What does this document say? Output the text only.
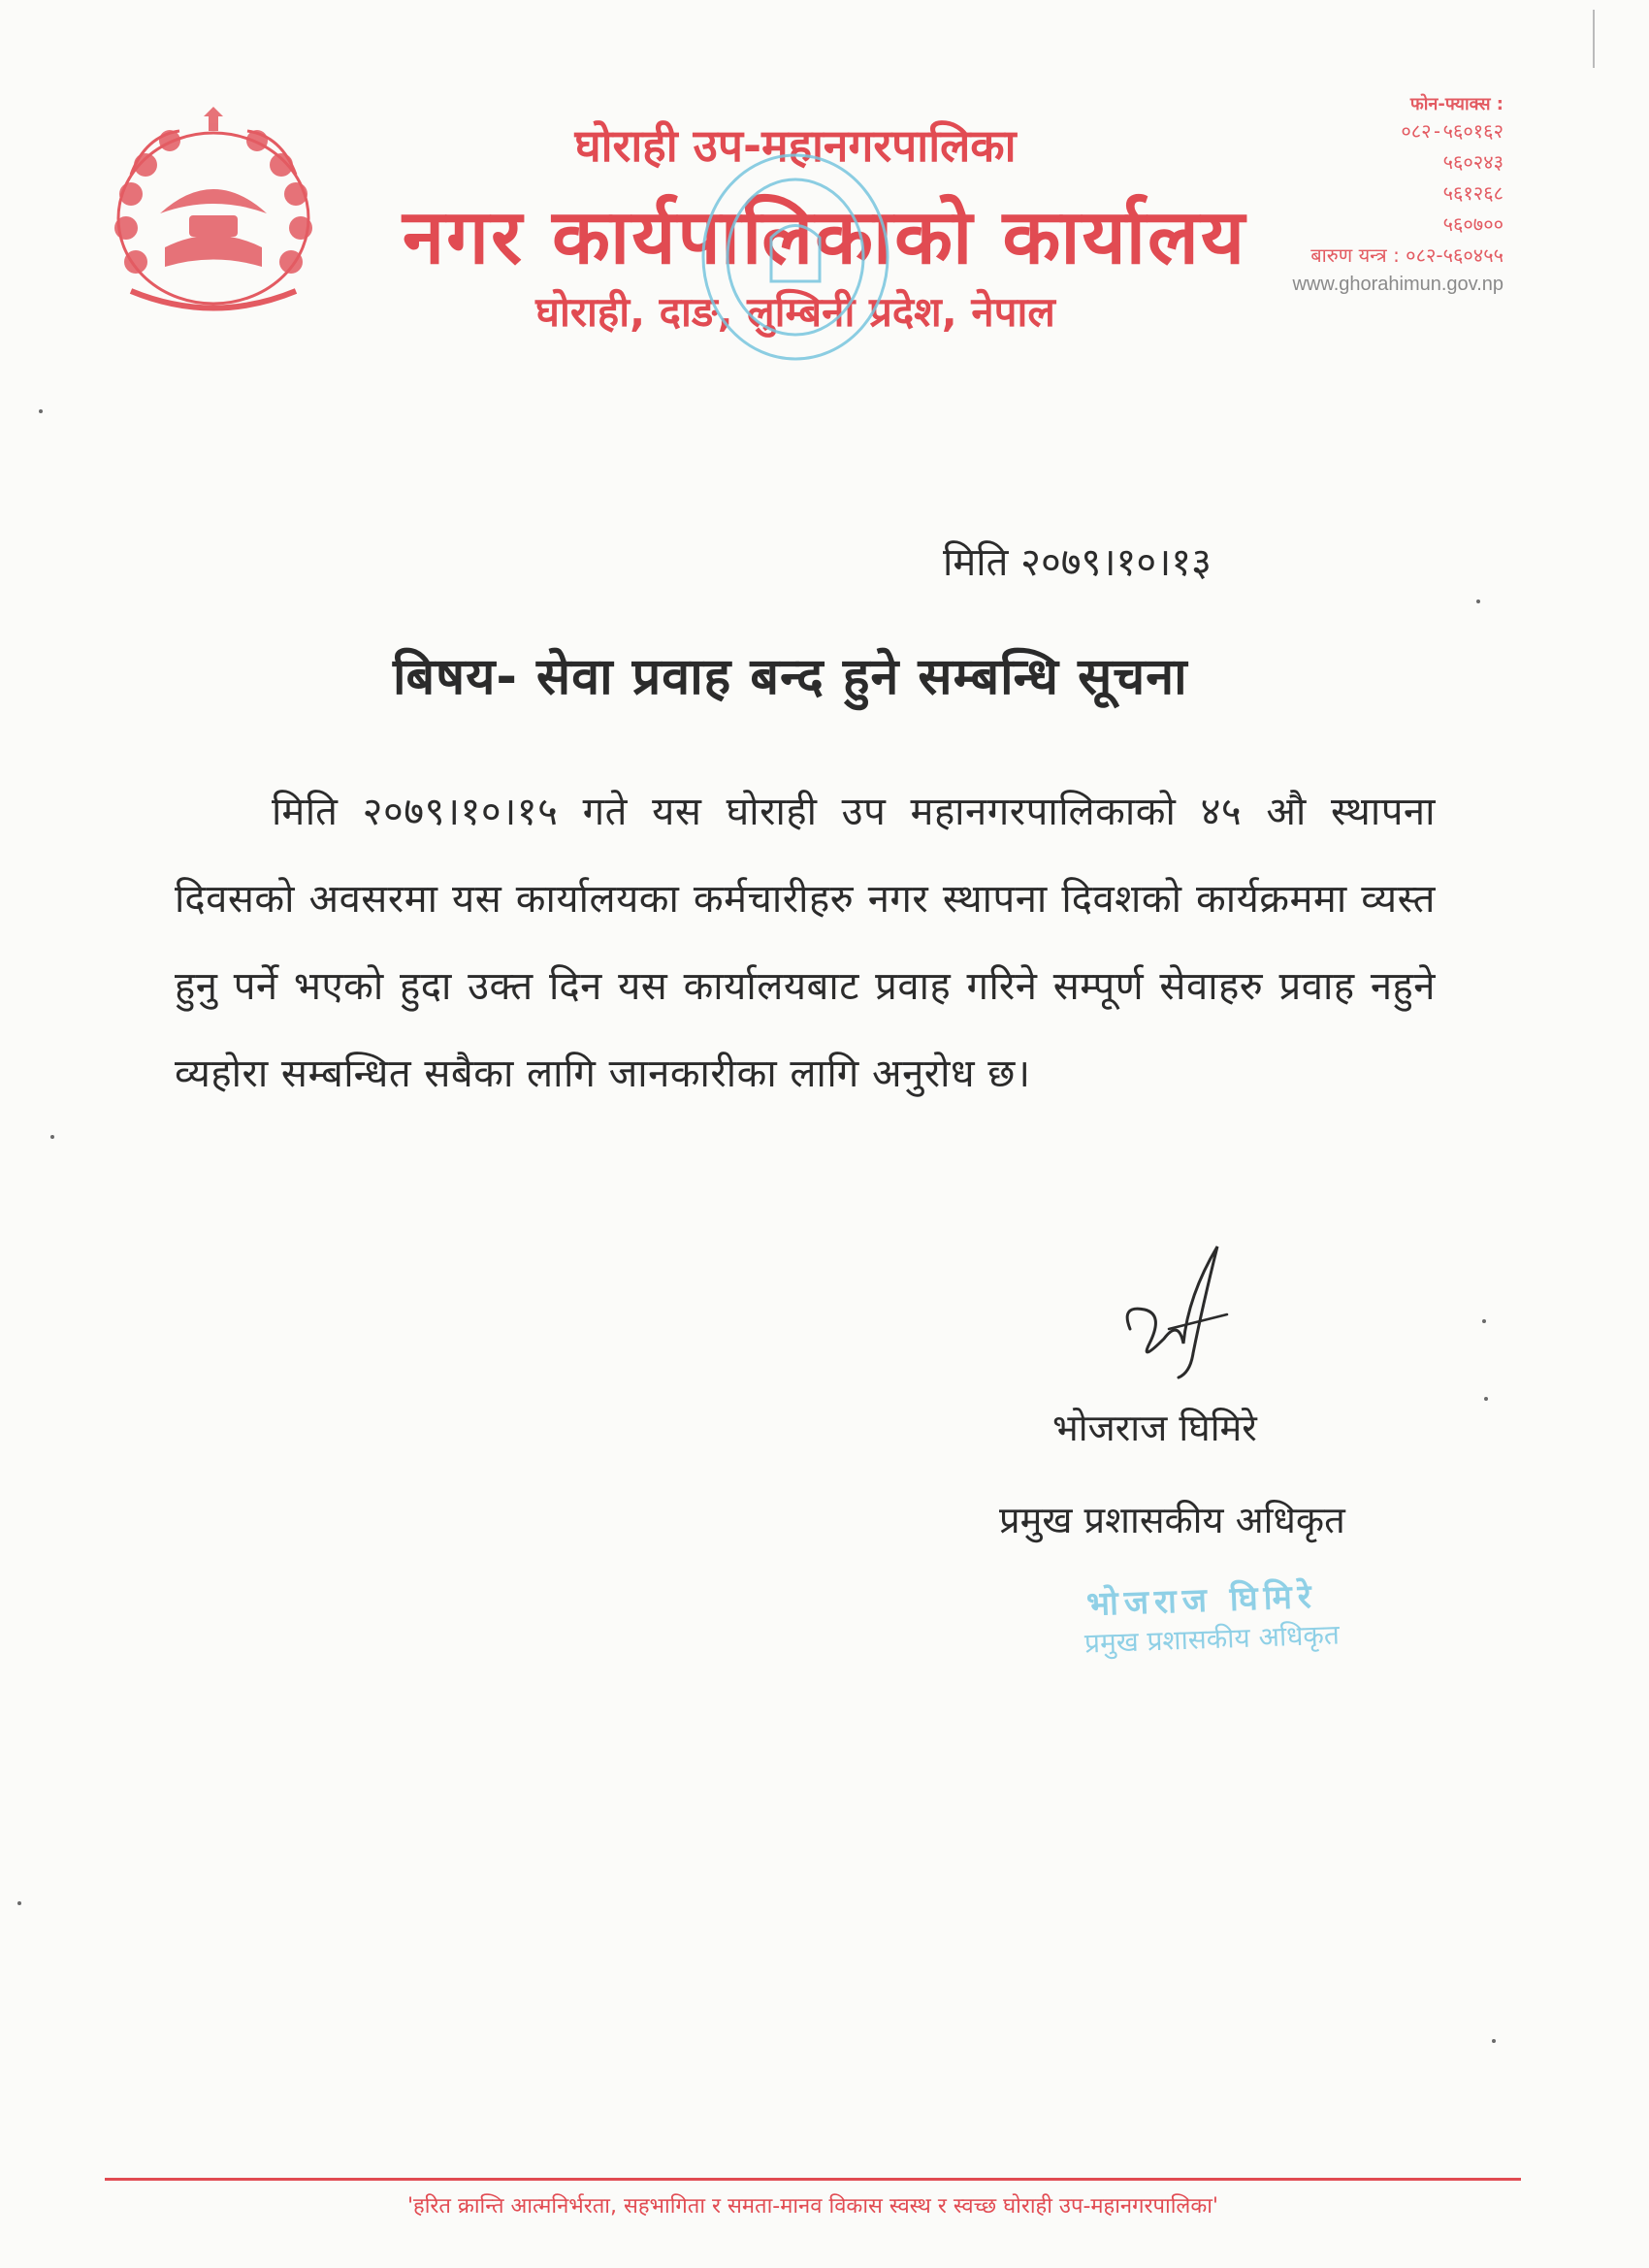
घोराही उप-महानगरपालिका
नगर कार्यपालिकाको कार्यालय
घोराही, दाङ, लुम्बिनी प्रदेश, नेपाल
फोन-फ्याक्स :
०८२-५६०१६२
५६०२४३
५६१२६८
५६०७००
बारुण यन्त्र : ०८२-५६०४५५
www.ghorahimun.gov.np
मिति २०७९।१०।१३
बिषय- सेवा प्रवाह बन्द हुने सम्बन्धि सूचना
मिति २०७९।१०।१५ गते यस घोराही उप महानगरपालिकाको ४५ औ स्थापना दिवसको अवसरमा यस कार्यालयका कर्मचारीहरु नगर स्थापना दिवशको कार्यक्रममा व्यस्त हुनु पर्ने भएको हुदा उक्त दिन यस कार्यालयबाट प्रवाह गरिने सम्पूर्ण सेवाहरु प्रवाह नहुने व्यहोरा सम्बन्धित सबैका लागि जानकारीका लागि अनुरोध छ।
भोजराज घिमिरे
प्रमुख प्रशासकीय अधिकृत
भोजराज घिमिरे
प्रमुख प्रशासकीय अधिकृत
'हरित क्रान्ति आत्मनिर्भरता, सहभागिता र समता-मानव विकास स्वस्थ र स्वच्छ घोराही उप-महानगरपालिका'
